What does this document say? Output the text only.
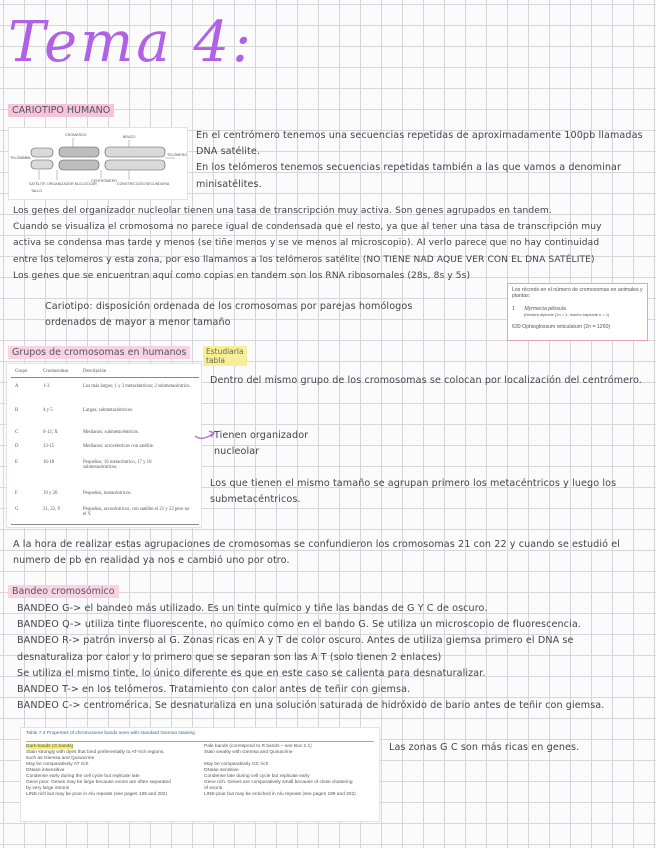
Tema 4:
CARIOTIPO HUMANO
CROMATIDO	BRAZO
TELÓMERO
TELÓMERO
SATÉLITE ORGANIZADOR NUCLEOLAR
CENTRÓMERO
CONSTRICCIÓN SECUNDARIA
TALLO
En el centrómero tenemos una secuencias repetidas de aproximadamente 100pb llamadas
DNA satélite.
En los telómeros tenemos secuencias repetidas también a las que vamos a denominar
minisatélites.
Los genes del organizador nucleolar tienen una tasa de transcripción muy activa. Son genes agrupados en tandem.
Cuando se visualiza el cromosoma no parece igual de condensada que el resto, ya que al tener una tasa de transcripción muy
activa se condensa mas tarde y menos (se tiñe menos y se ve menos al microscopio). Al verlo parece que no hay continuidad
entre los telomeros y esta zona, por eso llamamos a los telómeros satélite (NO TIENE NAD AQUE VER CON EL DNA SATÉLITE)
Los genes que se encuentran aquí como copias en tandem son los RNA ribosomales (28s, 8s y 5s)
Los récords en el número de cromosomas en animales y plantas:
1 Myrmecia pilosula
(hembra diploide (2n = 2, macho haploide n = 1)
630 Ophioglossum reticulatum (2n = 1260)
Cariotipo: disposición ordenada de los cromosomas por parejas homólogos
ordenados de mayor a menor tamaño
Grupos de cromosomas en humanos	Estudiarla
tabla
Grupo	Cromosomas	Descripción
A	1-3	Los más largos; 1 y 3 metacéntricos; 2 submetacéntrico.
B	4 y 5	Largos; submetacéntricos.
C	6-12, X	Medianos; submetacéntricos.
D	13-15	Medianos; acrocéntricos con satélite.
E	16-18	Pequeños; 16 metacéntrico, 17 y 18 submetacéntricos.
F	19 y 20	Pequeños, metacéntricos.
G	21, 22, Y	Pequeños, acrocéntricos, con satélite el 21 y 22 pero no el Y.
Dentro del mismo grupo de los cromosomas se colocan por localización del centrómero.
Tienen organizador
nucleolar
Los que tienen el mismo tamaño se agrupan primero los metacéntricos y luego los
submetacéntricos.
A la hora de realizar estas agrupaciones de cromosomas se confundieron los cromosomas 21 con 22 y cuando se estudió el
numero de pb en realidad ya nos e cambió uno por otro.
Bandeo cromosómico
BANDEO G-> el bandeo más utilizado. Es un tinte químico y tiñe las bandas de G Y C de oscuro.
BANDEO Q-> utiliza tinte fluorescente, no químico como en el bando G. Se utiliza un microscopio de fluorescencia.
BANDEO R-> patrón inverso al G. Zonas ricas en A y T de color oscuro. Antes de utiliza giemsa primero el DNA se
desnaturaliza por calor y lo primero que se separan son las A T (solo tienen 2 enlaces)
Se utiliza el mismo tinte, lo único diferente es que en este caso se calienta para desnaturalizar.
BANDEO T-> en los telómeros. Tratamiento con calor antes de teñir con giemsa.
BANDEO C-> centromérica. Se desnaturaliza en una solución saturada de hidróxido de bario antes de teñir con giemsa.
Table 7.4 Properties of chromosome bands seen with standard Giemsa staining
Dark bands (G bands)
Stain strongly with dyes that bind preferentially to AT-rich regions,
such as Giemsa and Quinacrine
May be comparatively AT rich
DNase insensitive
Condense early during the cell cycle but replicate late
Gene poor. Genes may be large because exons are often separated
by very large introns
LINE-rich but may be poor in Alu repeats (see pages 199 and 202)
Pale bands (correspond to R bands – see Box 2.1)
Stain weakly with Giemsa and Quinacrine
May be comparatively GC rich
DNase sensitive
Condense late during cell cycle but replicate early
Gene rich. Genes are comparatively small because of close clustering
of exons
LINE-poor but may be enriched in Alu repeats (see pages 199 and 202)
Las zonas G C son más ricas en genes.
